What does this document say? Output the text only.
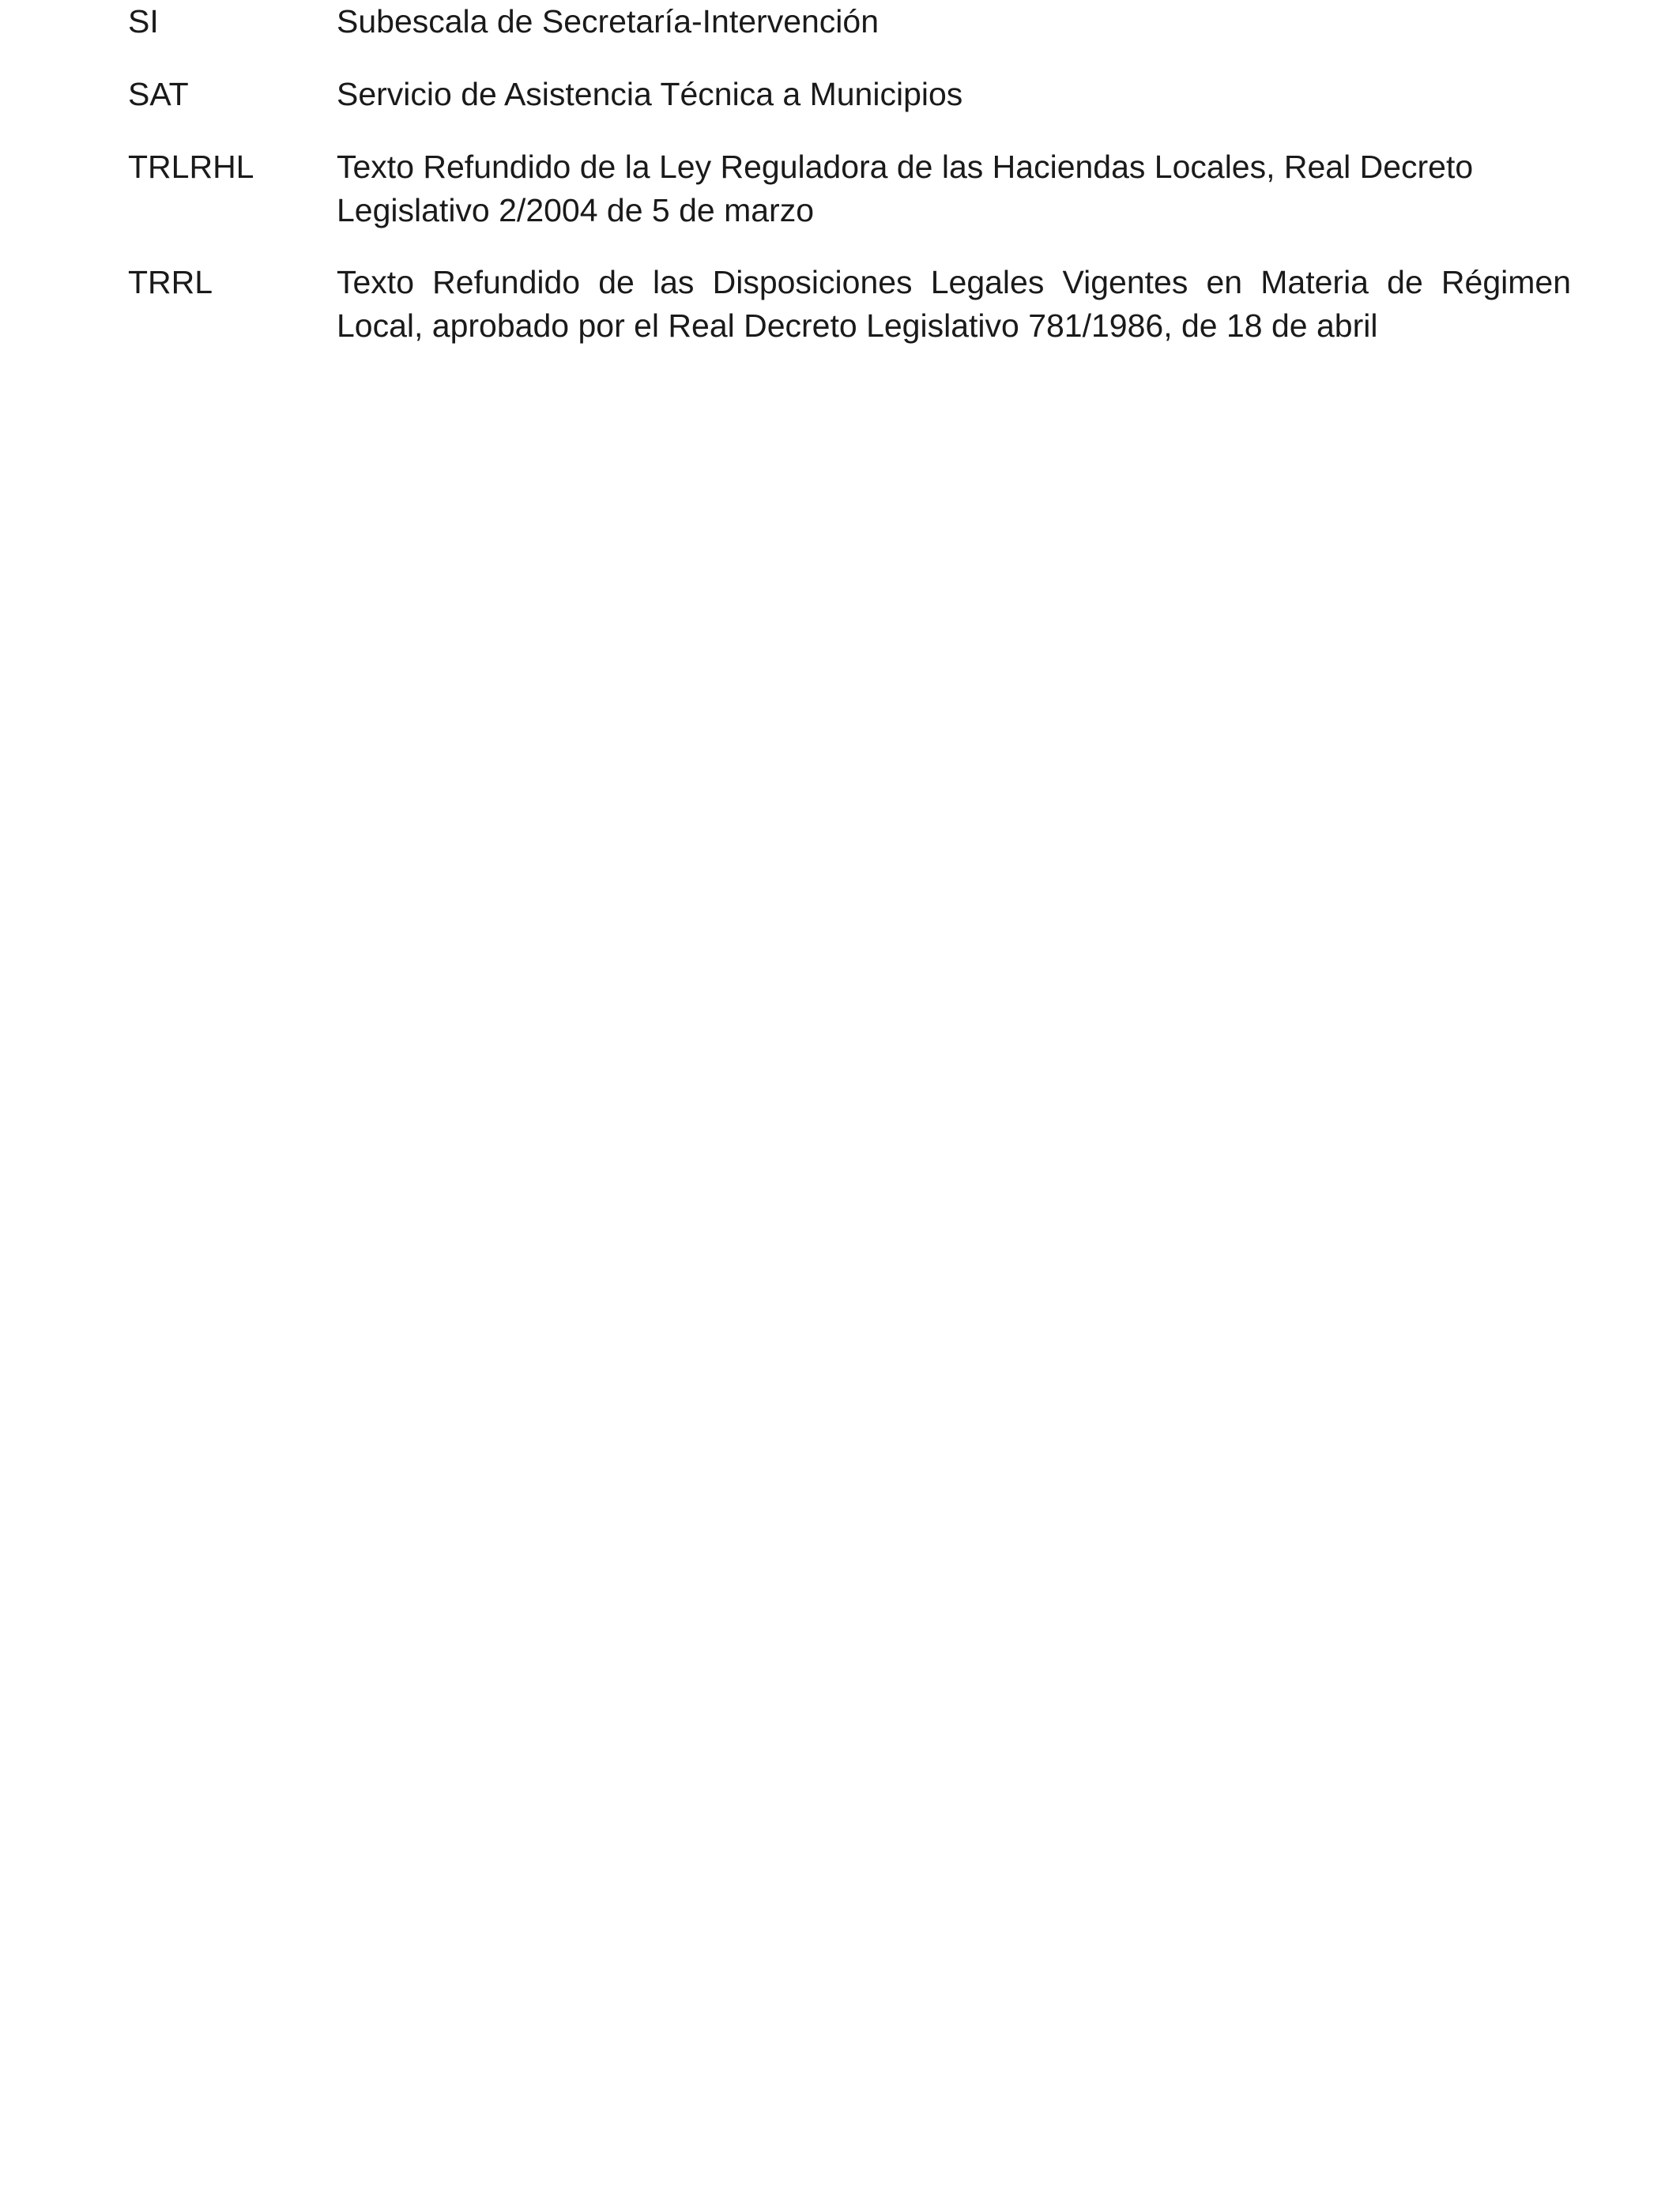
SI	Subescala de Secretaría-Intervención
SAT	Servicio de Asistencia Técnica a Municipios
TRLRHL	Texto Refundido de la Ley Reguladora de las Haciendas Locales, Real Decreto Legislativo 2/2004 de 5 de marzo
TRRL	Texto Refundido de las Disposiciones Legales Vigentes en Materia de Régimen Local, aprobado por el Real Decreto Legislativo 781/1986, de 18 de abril
